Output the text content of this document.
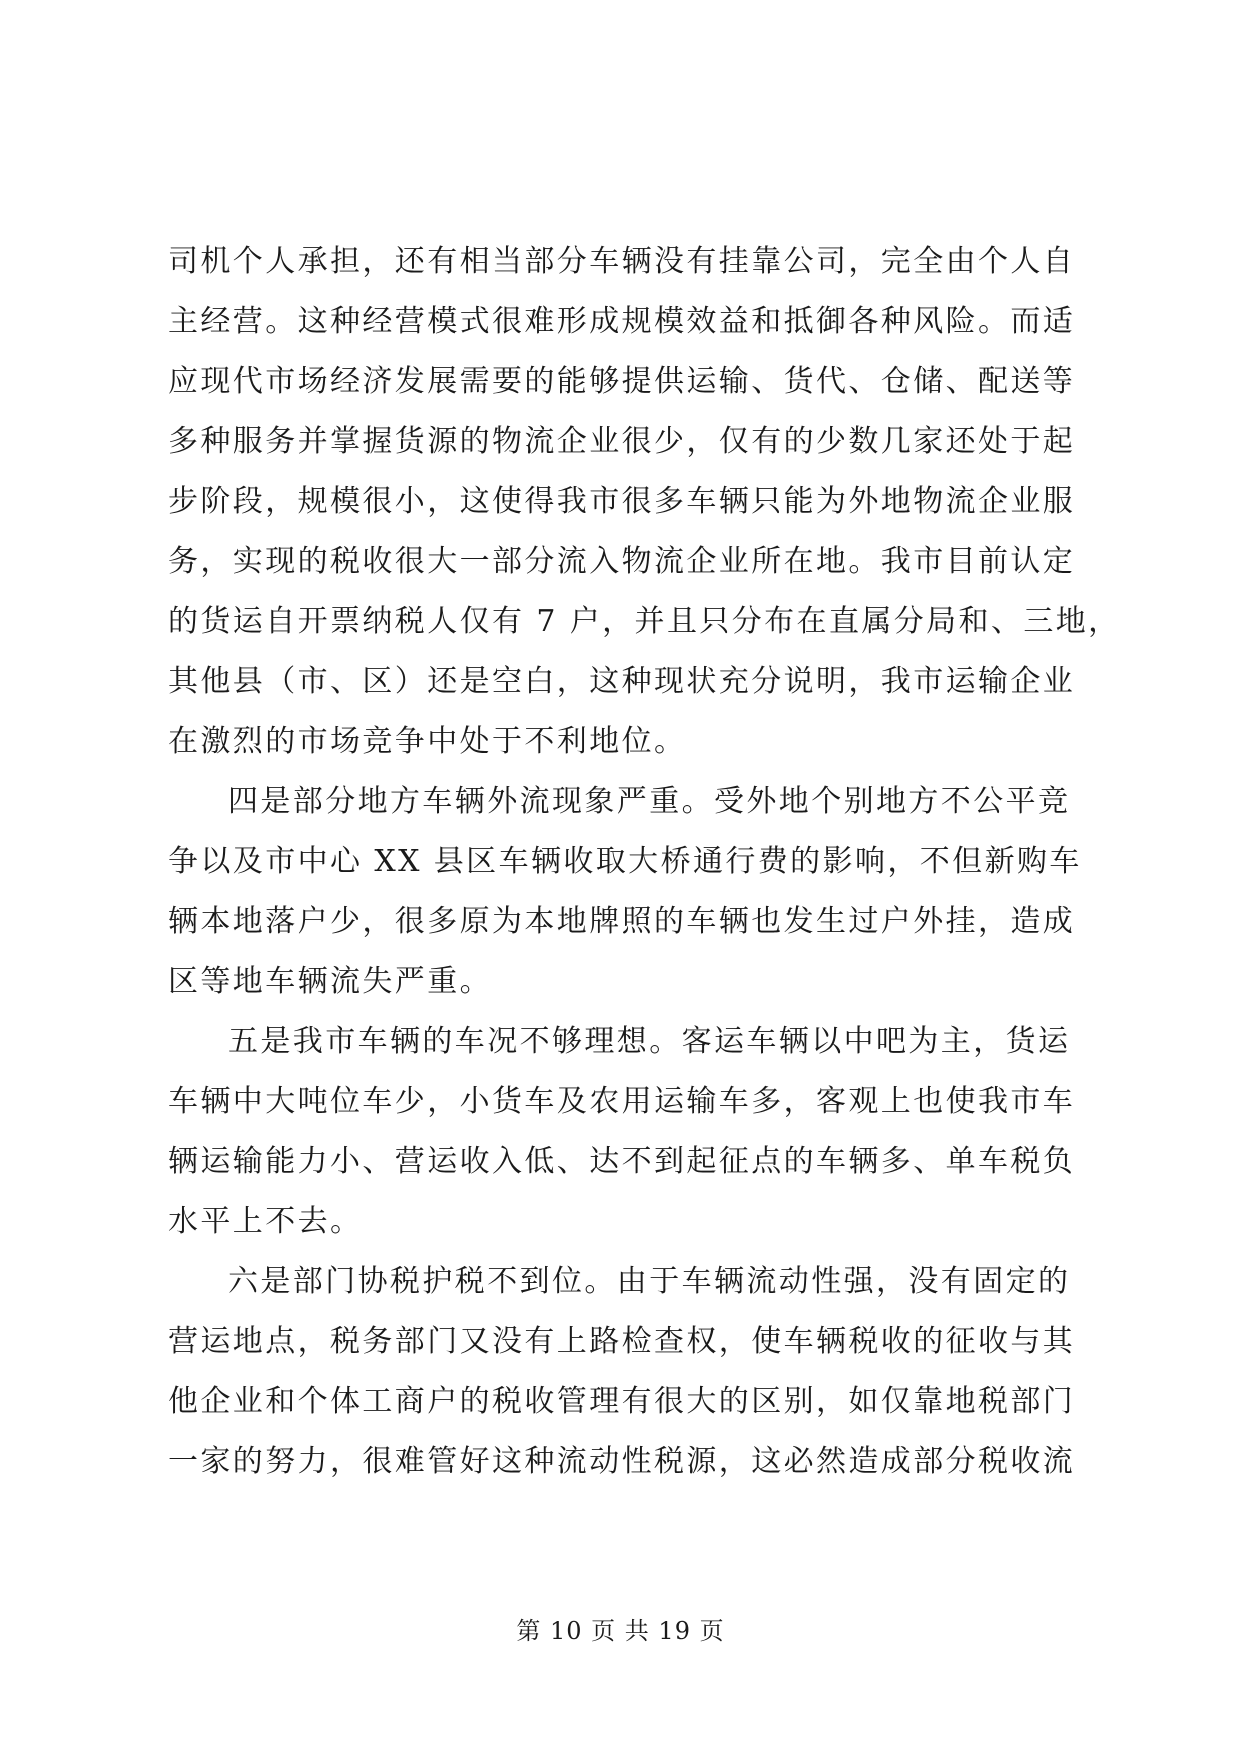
司机个人承担，还有相当部分车辆没有挂靠公司，完全由个人自
主经营。这种经营模式很难形成规模效益和抵御各种风险。而适
应现代市场经济发展需要的能够提供运输、货代、仓储、配送等
多种服务并掌握货源的物流企业很少，仅有的少数几家还处于起
步阶段，规模很小，这使得我市很多车辆只能为外地物流企业服
务，实现的税收很大一部分流入物流企业所在地。我市目前认定
的货运自开票纳税人仅有 7 户，并且只分布在直属分局和、三地，
其他县（市、区）还是空白，这种现状充分说明，我市运输企业
在激烈的市场竞争中处于不利地位。
四是部分地方车辆外流现象严重。受外地个别地方不公平竞
争以及市中心 XX 县区车辆收取大桥通行费的影响，不但新购车
辆本地落户少，很多原为本地牌照的车辆也发生过户外挂，造成
区等地车辆流失严重。
五是我市车辆的车况不够理想。客运车辆以中吧为主，货运
车辆中大吨位车少，小货车及农用运输车多，客观上也使我市车
辆运输能力小、营运收入低、达不到起征点的车辆多、单车税负
水平上不去。
六是部门协税护税不到位。由于车辆流动性强，没有固定的
营运地点，税务部门又没有上路检查权，使车辆税收的征收与其
他企业和个体工商户的税收管理有很大的区别，如仅靠地税部门
一家的努力，很难管好这种流动性税源，这必然造成部分税收流
第 10 页 共 19 页
